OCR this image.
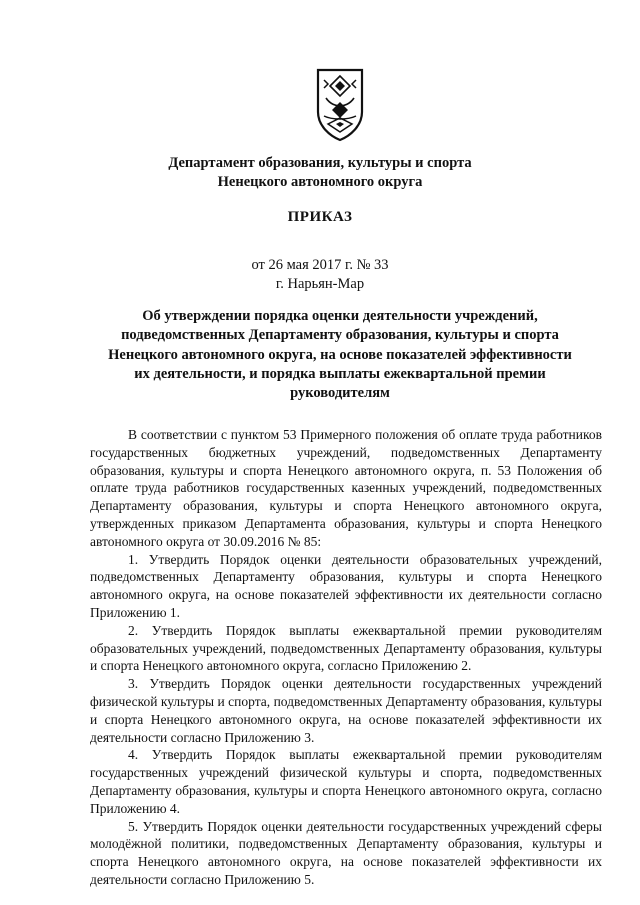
Департамент образования, культуры и спорта
Ненецкого автономного округа
ПРИКАЗ
от 26 мая 2017 г. № 33
г. Нарьян-Мар
Об утверждении порядка оценки деятельности учреждений,
подведомственных Департаменту образования, культуры и спорта
Ненецкого автономного округа, на основе показателей эффективности
их деятельности, и порядка выплаты ежеквартальной премии
руководителям

В соответствии с пунктом 53 Примерного положения об оплате труда работников государственных бюджетных учреждений, подведомственных Департаменту образования, культуры и спорта Ненецкого автономного округа, п. 53 Положения об оплате труда работников государственных казенных учреждений, подведомственных Департаменту образования, культуры и спорта Ненецкого автономного округа, утвержденных приказом Департамента образования, культуры и спорта Ненецкого автономного округа от 30.09.2016 № 85:

1. Утвердить Порядок оценки деятельности образовательных учреждений, подведомственных Департаменту образования, культуры и спорта Ненецкого автономного округа, на основе показателей эффективности их деятельности согласно Приложению 1.

2. Утвердить Порядок выплаты ежеквартальной премии руководителям образовательных учреждений, подведомственных Департаменту образования, культуры и спорта Ненецкого автономного округа, согласно Приложению 2.

3. Утвердить Порядок оценки деятельности государственных учреждений физической культуры и спорта, подведомственных Департаменту образования, культуры и спорта Ненецкого автономного округа, на основе показателей эффективности их деятельности согласно Приложению 3.

4. Утвердить Порядок выплаты ежеквартальной премии руководителям государственных учреждений физической культуры и спорта, подведомственных Департаменту образования, культуры и спорта Ненецкого автономного округа, согласно Приложению 4.

5. Утвердить Порядок оценки деятельности государственных учреждений сферы молодёжной политики, подведомственных Департаменту образования, культуры и спорта Ненецкого автономного округа, на основе показателей эффективности их деятельности согласно Приложению 5.
